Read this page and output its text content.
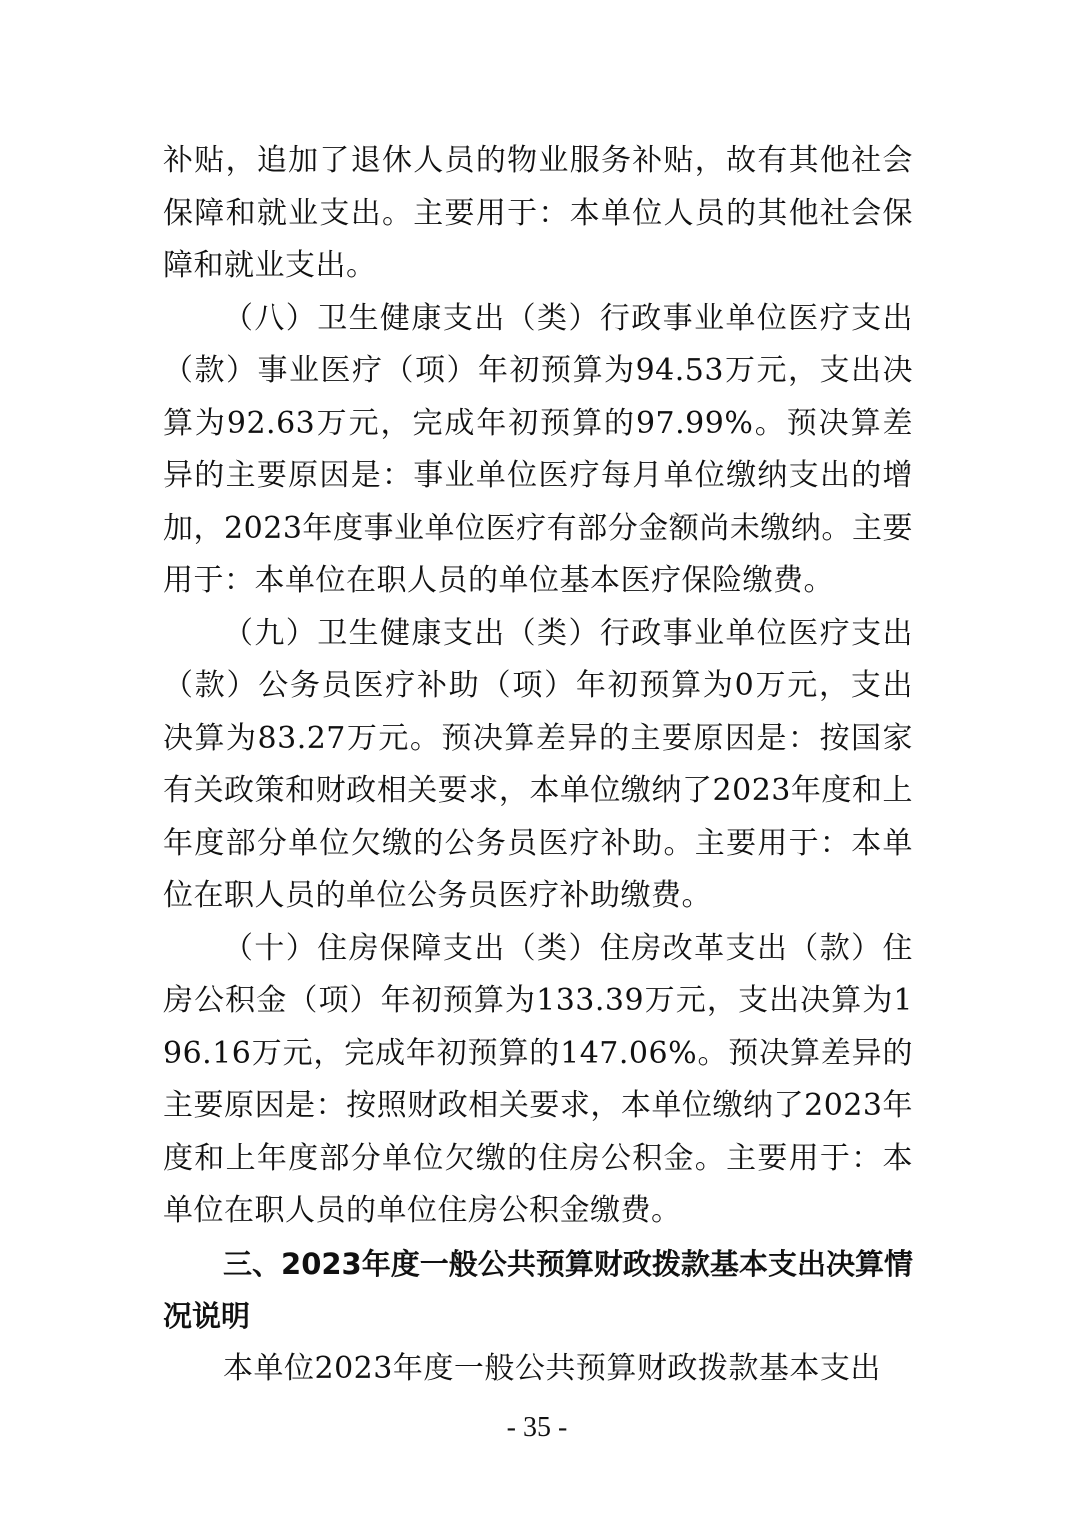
补贴，追加了退休人员的物业服务补贴，故有其他社会保障和就业支出。主要用于：本单位人员的其他社会保障和就业支出。

（八）卫生健康支出（类）行政事业单位医疗支出（款）事业医疗（项）年初预算为94.53万元，支出决算为92.63万元，完成年初预算的97.99%。预决算差异的主要原因是：事业单位医疗每月单位缴纳支出的增加，2023年度事业单位医疗有部分金额尚未缴纳。主要用于：本单位在职人员的单位基本医疗保险缴费。

（九）卫生健康支出（类）行政事业单位医疗支出（款）公务员医疗补助（项）年初预算为0万元，支出决算为83.27万元。预决算差异的主要原因是：按国家有关政策和财政相关要求，本单位缴纳了2023年度和上年度部分单位欠缴的公务员医疗补助。主要用于：本单位在职人员的单位公务员医疗补助缴费。

（十）住房保障支出（类）住房改革支出（款）住房公积金（项）年初预算为133.39万元，支出决算为196.16万元，完成年初预算的147.06%。预决算差异的主要原因是：按照财政相关要求，本单位缴纳了2023年度和上年度部分单位欠缴的住房公积金。主要用于：本单位在职人员的单位住房公积金缴费。

三、2023年度一般公共预算财政拨款基本支出决算情况说明

本单位2023年度一般公共预算财政拨款基本支出

- 35 -
